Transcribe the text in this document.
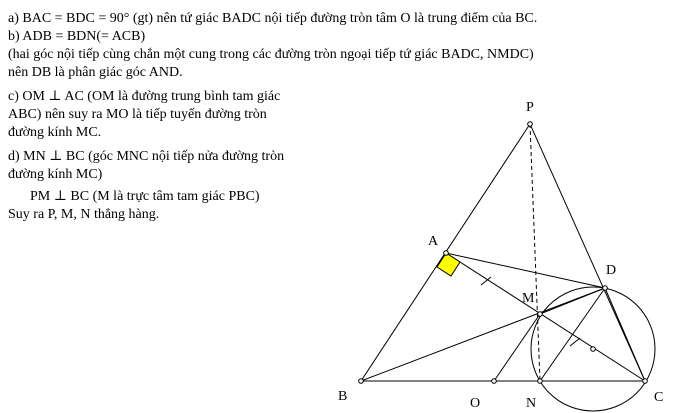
a) BAC = BDC = 90° (gt) nên tứ giác BADC nội tiếp đường tròn tâm O là trung điểm của BC.
b) ADB = BDN(= ACB)
(hai góc nội tiếp cùng chắn một cung trong các đường tròn ngoại tiếp tứ giác BADC, NMDC)
nên DB là phân giác góc AND.
c) OM ⊥ AC (OM là đường trung bình tam giác
ABC) nên suy ra MO là tiếp tuyến đường tròn
đường kính MC.
d) MN ⊥ BC (góc MNC nội tiếp nửa đường tròn
đường kính MC)
PM ⊥ BC (M là trực tâm tam giác PBC)
Suy ra P, M, N thẳng hàng.
P
A
D
M
B	O	N	C
